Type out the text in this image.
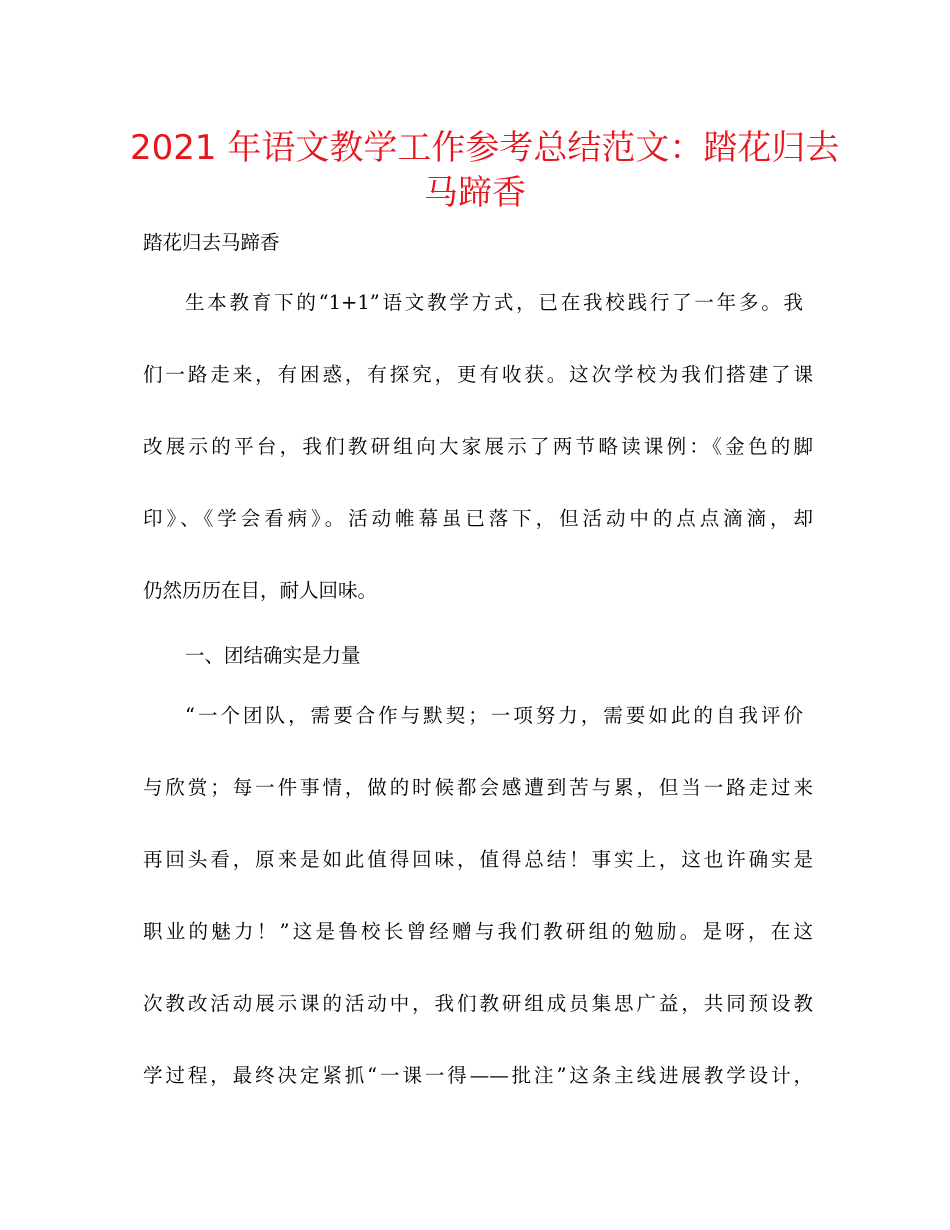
2021 年语文教学工作参考总结范文：踏花归去
马蹄香
踏花归去马蹄香
生本教育下的“1+1”语文教学方式，已在我校践行了一年多。我
们一路走来，有困惑，有探究，更有收获。这次学校为我们搭建了课
改展示的平台，我们教研组向大家展示了两节略读课例：《金色的脚
印》、《学会看病》。活动帷幕虽已落下，但活动中的点点滴滴，却
仍然历历在目，耐人回味。
一、团结确实是力量
“一个团队，需要合作与默契；一项努力，需要如此的自我评价
与欣赏；每一件事情，做的时候都会感遭到苦与累，但当一路走过来
再回头看，原来是如此值得回味，值得总结！事实上，这也许确实是
职业的魅力！”这是鲁校长曾经赠与我们教研组的勉励。是呀，在这
次教改活动展示课的活动中，我们教研组成员集思广益，共同预设教
学过程，最终决定紧抓“一课一得——批注”这条主线进展教学设计，
